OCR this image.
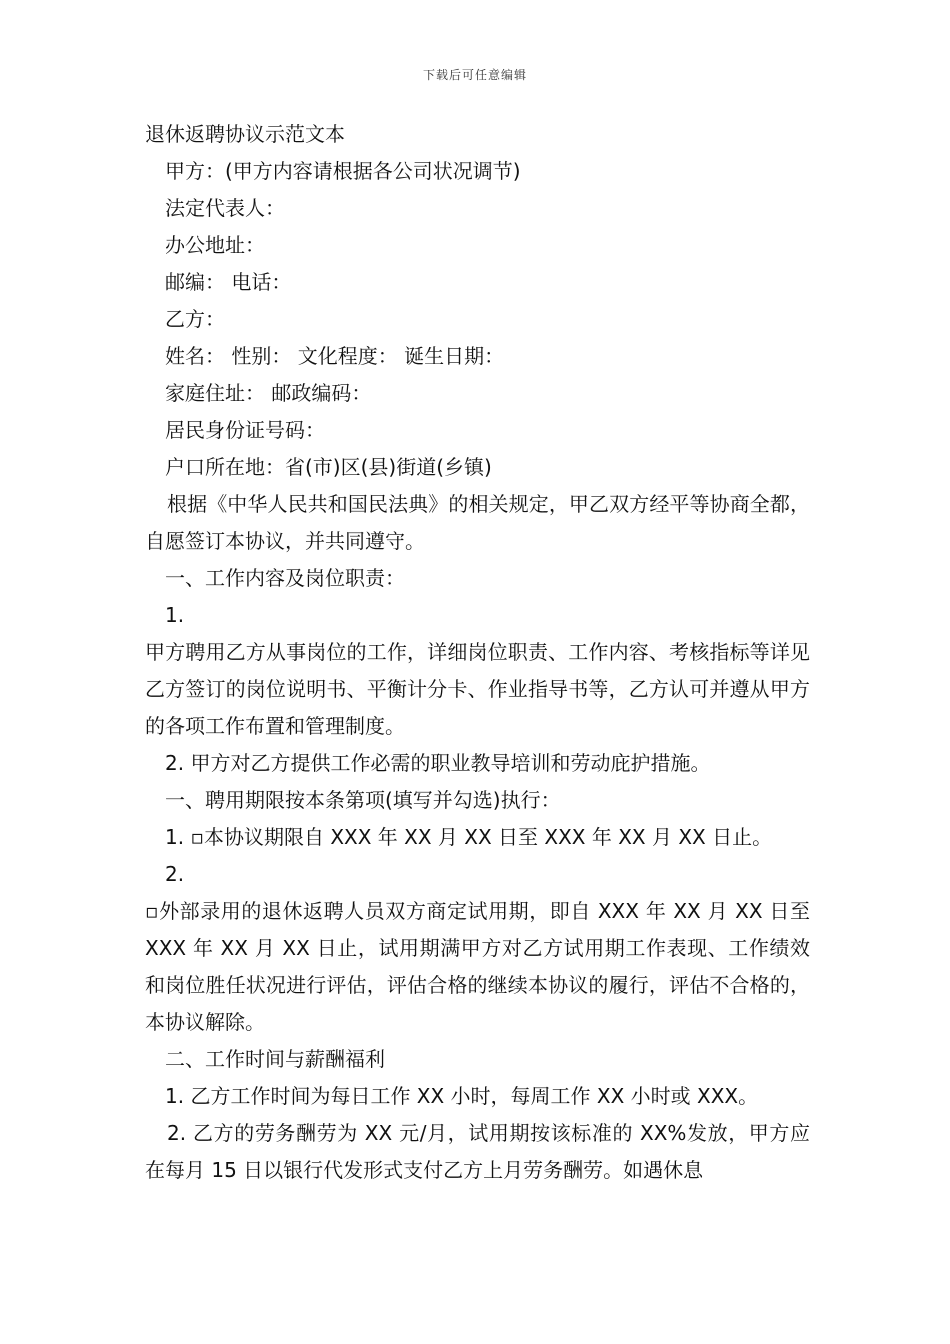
下载后可任意编辑

退休返聘协议示范文本

甲方：(甲方内容请根据各公司状况调节)

法定代表人：

办公地址：

邮编： 电话：

乙方：

姓名： 性别： 文化程度： 诞生日期：

家庭住址： 邮政编码：

居民身份证号码：

户口所在地：省(市)区(县)街道(乡镇)

根据《中华人民共和国民法典》的相关规定，甲乙双方经平等协商全都，自愿签订本协议，并共同遵守。

一、工作内容及岗位职责：

1.

甲方聘用乙方从事岗位的工作，详细岗位职责、工作内容、考核指标等详见乙方签订的岗位说明书、平衡计分卡、作业指导书等，乙方认可并遵从甲方的各项工作布置和管理制度。

2. 甲方对乙方提供工作必需的职业教导培训和劳动庇护措施。

一、聘用期限按本条第项(填写并勾选)执行：

1. ▫本协议期限自 XXX 年 XX 月 XX 日至 XXX 年 XX 月 XX 日止。

2.

▫外部录用的退休返聘人员双方商定试用期，即自 XXX 年 XX 月 XX 日至 XXX 年 XX 月 XX 日止，试用期满甲方对乙方试用期工作表现、工作绩效和岗位胜任状况进行评估，评估合格的继续本协议的履行，评估不合格的，本协议解除。

二、工作时间与薪酬福利

1. 乙方工作时间为每日工作 XX 小时，每周工作 XX 小时或 XXX。

2. 乙方的劳务酬劳为 XX 元/月，试用期按该标准的 XX%发放，甲方应在每月 15 日以银行代发形式支付乙方上月劳务酬劳。如遇休息
